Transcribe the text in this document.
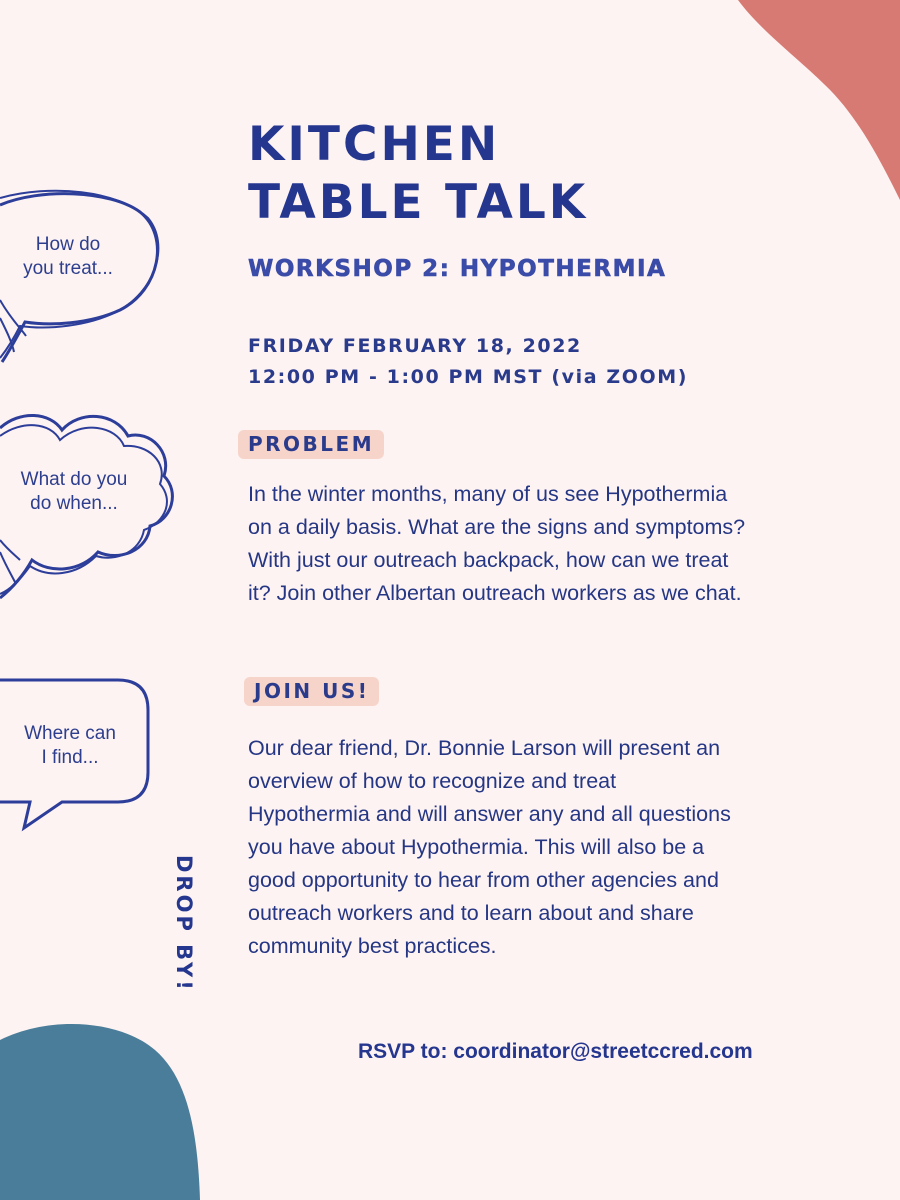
How do
you treat...
What do you
do when...
Where can
I find...
KITCHEN
TABLE TALK
WORKSHOP 2: HYPOTHERMIA
FRIDAY FEBRUARY 18, 2022
12:00 PM - 1:00 PM MST (via ZOOM)
PROBLEM

In the winter months, many of us see Hypothermia
on a daily basis. What are the signs and symptoms?
With just our outreach backpack, how can we treat
it? Join other Albertan outreach workers as we chat.

JOIN US!

Our dear friend, Dr. Bonnie Larson will present an
overview of how to recognize and treat
Hypothermia and will answer any and all questions
you have about Hypothermia. This will also be a
good opportunity to hear from other agencies and
outreach workers and to learn about and share
community best practices.

DROP BY!
RSVP to: coordinator@streetccred.com
